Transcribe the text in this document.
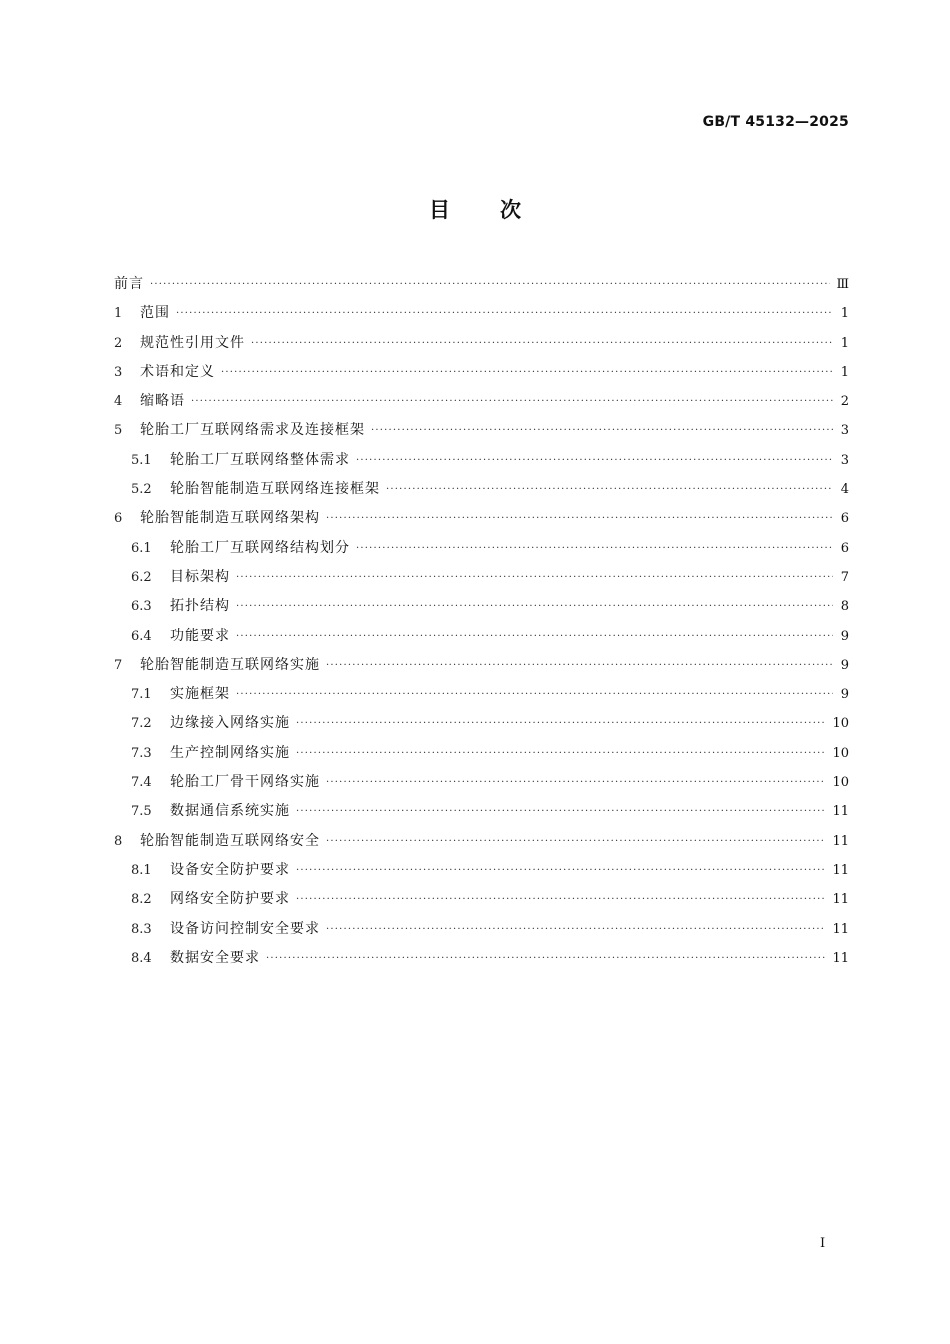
GB/T 45132—2025
目次
前言 ·····	Ⅲ
1	范围 ·····	1
2	规范性引用文件 ·····	1
3	术语和定义 ·····	1
4	缩略语 ·····	2
5	轮胎工厂互联网络需求及连接框架 ·····	3
5.1	轮胎工厂互联网络整体需求 ·····	3
5.2	轮胎智能制造互联网络连接框架 ·····	4
6	轮胎智能制造互联网络架构 ·····	6
6.1	轮胎工厂互联网络结构划分 ·····	6
6.2	目标架构 ·····	7
6.3	拓扑结构 ·····	8
6.4	功能要求 ·····	9
7	轮胎智能制造互联网络实施 ·····	9
7.1	实施框架 ·····	9
7.2	边缘接入网络实施 ·····	10
7.3	生产控制网络实施 ·····	10
7.4	轮胎工厂骨干网络实施 ·····	10
7.5	数据通信系统实施 ·····	11
8	轮胎智能制造互联网络安全 ·····	11
8.1	设备安全防护要求 ·····	11
8.2	网络安全防护要求 ·····	11
8.3	设备访问控制安全要求 ·····	11
8.4	数据安全要求 ·····	11
I
